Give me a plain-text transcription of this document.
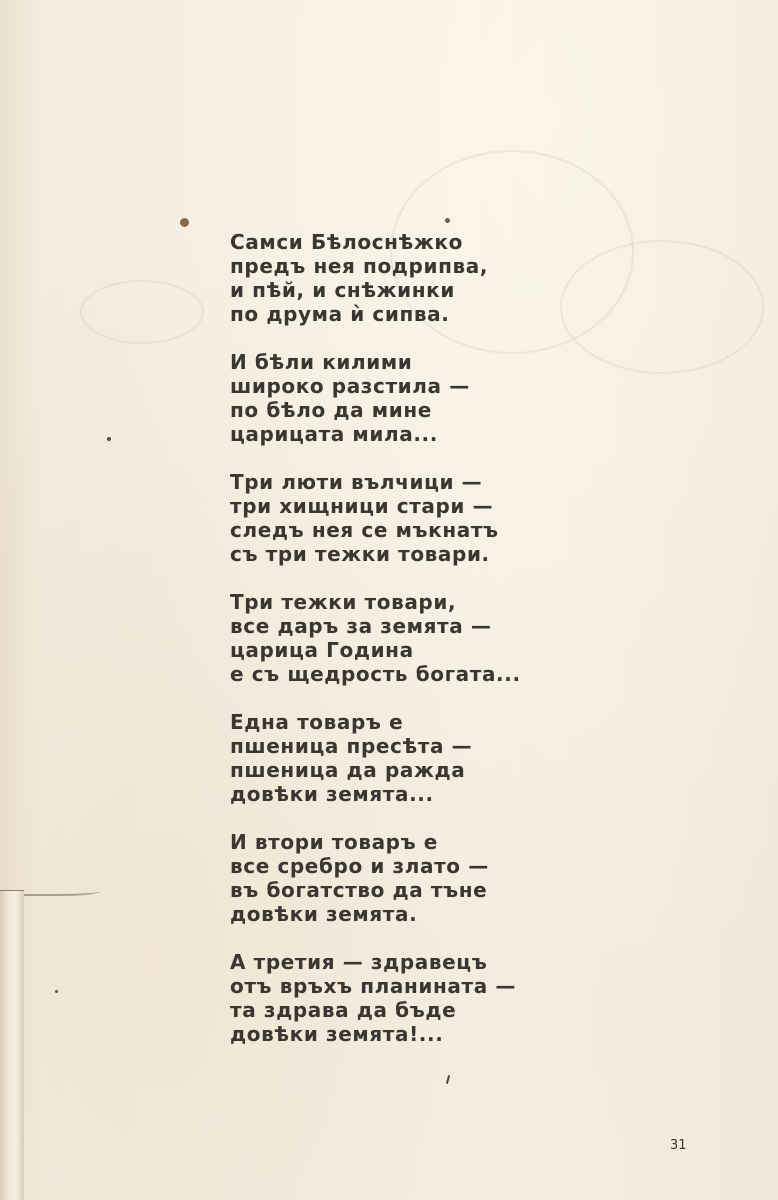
Самси Бѣлоснѣжко
предъ нея подрипва,
и пѣй, и снѣжинки
по друма ѝ сипва.
И бѣли килими
широко разстила —
по бѣло да мине
царицата мила...
Три люти вълчици —
три хищници стари —
следъ нея се мъкнатъ
съ три тежки товари.
Три тежки товари,
все даръ за земята —
царица Година
е съ щедрость богата...
Една товаръ е
пшеница пресѣта —
пшеница да ражда
довѣки земята...
И втори товаръ е
все сребро и злато —
въ богатство да тъне
довѣки земята.
А третия — здравецъ
отъ връхъ планината —
та здрава да бъде
довѣки земята!...
31
